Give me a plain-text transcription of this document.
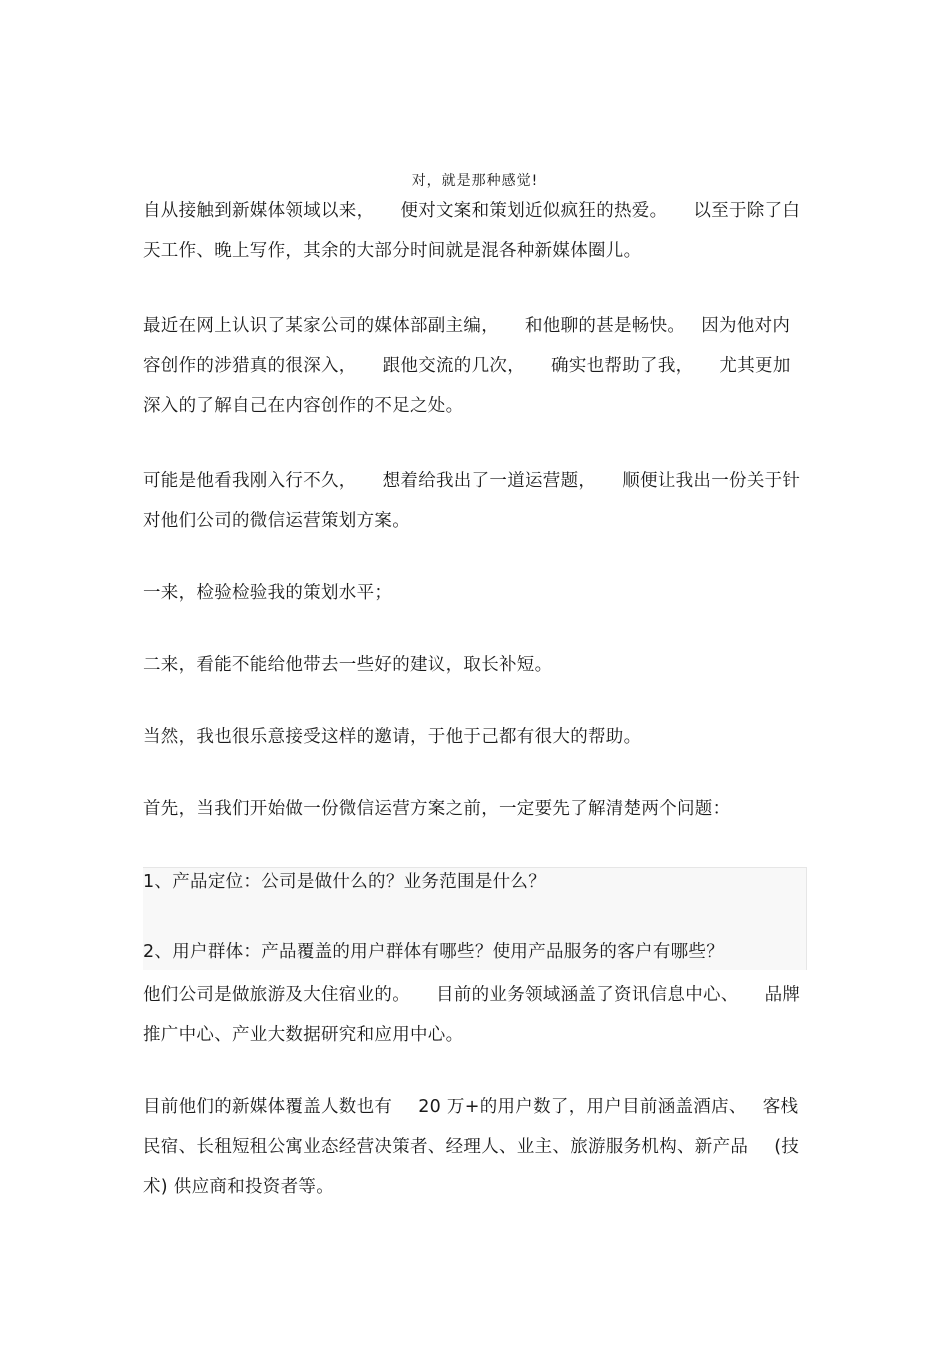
对，就是那种感觉!

自从接触到新媒体领域以来， 便对文案和策划近似疯狂的热爱。 以至于除了白天工作、晚上写作，其余的大部分时间就是混各种新媒体圈儿。

最近在网上认识了某家公司的媒体部副主编， 和他聊的甚是畅快。 因为他对内容创作的涉猎真的很深入， 跟他交流的几次， 确实也帮助了我， 尤其更加深入的了解自己在内容创作的不足之处。

可能是他看我刚入行不久， 想着给我出了一道运营题， 顺便让我出一份关于针对他们公司的微信运营策划方案。

一来，检验检验我的策划水平；

二来，看能不能给他带去一些好的建议，取长补短。

当然，我也很乐意接受这样的邀请，于他于己都有很大的帮助。

首先，当我们开始做一份微信运营方案之前，一定要先了解清楚两个问题：

1、产品定位：公司是做什么的？业务范围是什么？
2、用户群体：产品覆盖的用户群体有哪些？使用产品服务的客户有哪些？

他们公司是做旅游及大住宿业的。 目前的业务领域涵盖了资讯信息中心、 品牌推广中心、产业大数据研究和应用中心。

目前他们的新媒体覆盖人数也有 20 万+的用户数了，用户目前涵盖酒店、 客栈民宿、长租短租公寓业态经营决策者、经理人、业主、旅游服务机构、新产品 (技术) 供应商和投资者等。
